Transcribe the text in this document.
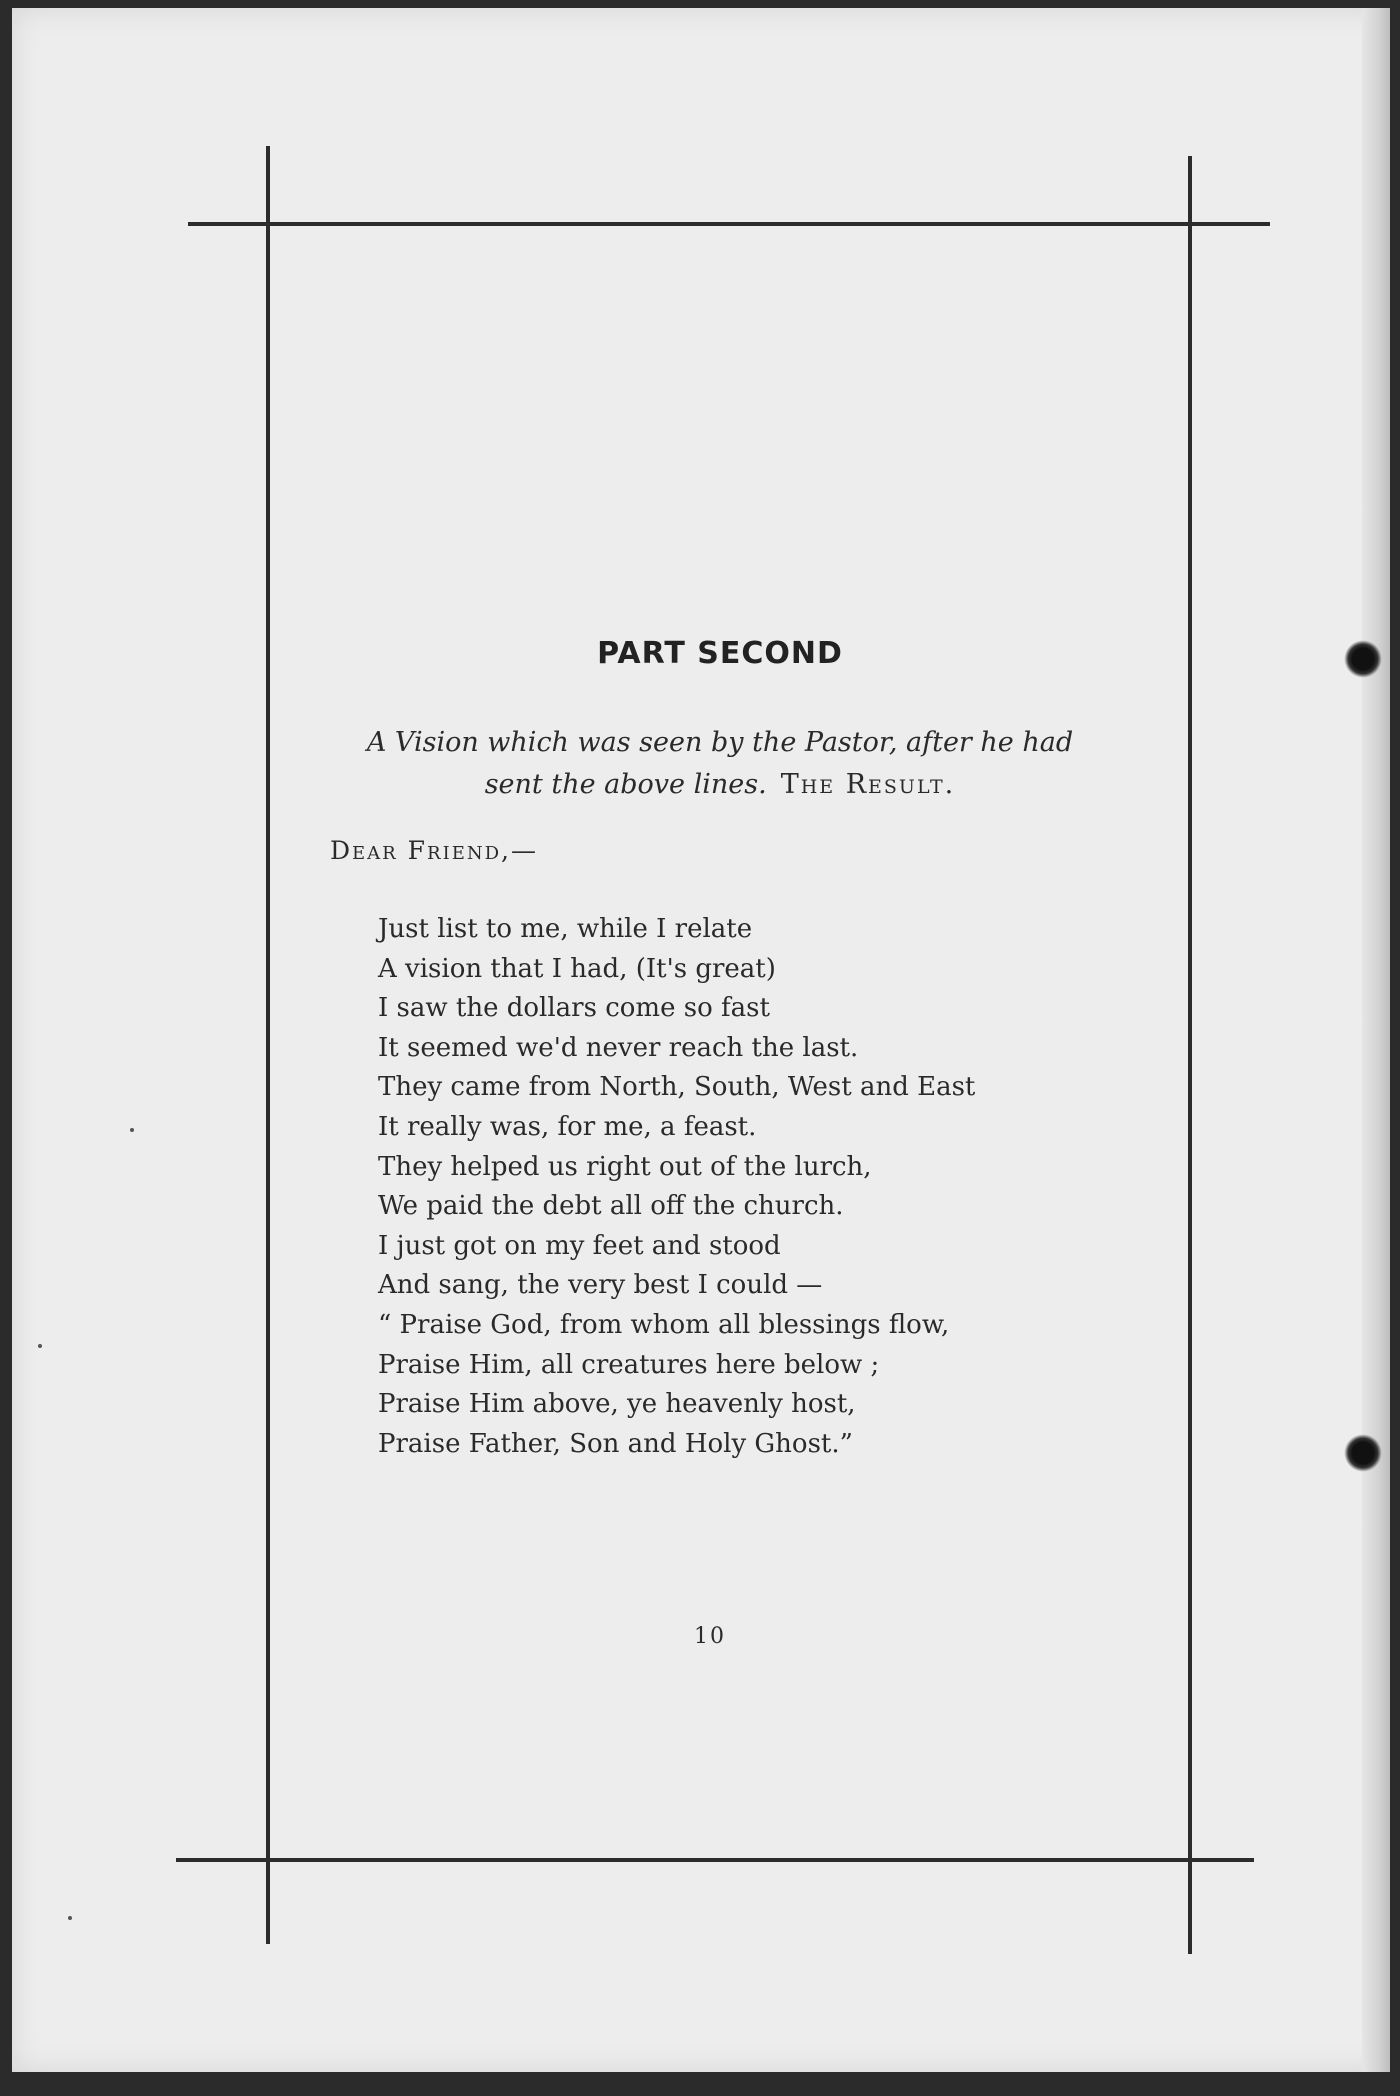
PART SECOND
A Vision which was seen by the Pastor, after he had
sent the above lines. The Result.
Dear Friend,—
Just list to me, while I relate
A vision that I had, (It's great)
I saw the dollars come so fast
It seemed we'd never reach the last.
They came from North, South, West and East
It really was, for me, a feast.
They helped us right out of the lurch,
We paid the debt all off the church.
I just got on my feet and stood
And sang, the very best I could —
“ Praise God, from whom all blessings flow,
Praise Him, all creatures here below ;
Praise Him above, ye heavenly host,
Praise Father, Son and Holy Ghost.”
10
